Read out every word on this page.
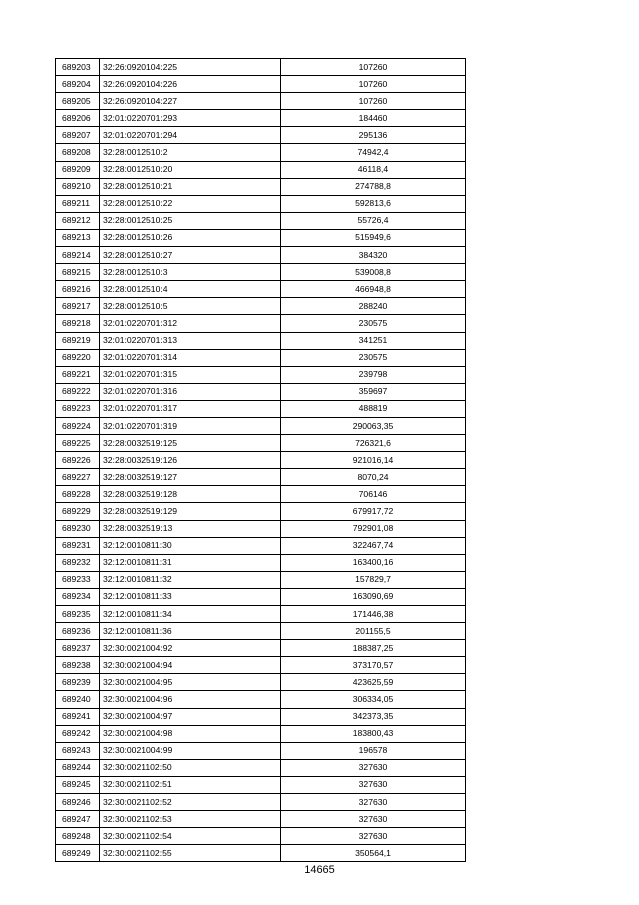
689203	32:26:0920104:225	107260
689204	32:26:0920104:226	107260
689205	32:26:0920104:227	107260
689206	32:01:0220701:293	184460
689207	32:01:0220701:294	295136
689208	32:28:0012510:2	74942,4
689209	32:28:0012510:20	46118,4
689210	32:28:0012510:21	274788,8
689211	32:28:0012510:22	592813,6
689212	32:28:0012510:25	55726,4
689213	32:28:0012510:26	515949,6
689214	32:28:0012510:27	384320
689215	32:28:0012510:3	539008,8
689216	32:28:0012510:4	466948,8
689217	32:28:0012510:5	288240
689218	32:01:0220701:312	230575
689219	32:01:0220701:313	341251
689220	32:01:0220701:314	230575
689221	32:01:0220701:315	239798
689222	32:01:0220701:316	359697
689223	32:01:0220701:317	488819
689224	32:01:0220701:319	290063,35
689225	32:28:0032519:125	726321,6
689226	32:28:0032519:126	921016,14
689227	32:28:0032519:127	8070,24
689228	32:28:0032519:128	706146
689229	32:28:0032519:129	679917,72
689230	32:28:0032519:13	792901,08
689231	32:12:0010811:30	322467,74
689232	32:12:0010811:31	163400,16
689233	32:12:0010811:32	157829,7
689234	32:12:0010811:33	163090,69
689235	32:12:0010811:34	171446,38
689236	32:12:0010811:36	201155,5
689237	32:30:0021004:92	188387,25
689238	32:30:0021004:94	373170,57
689239	32:30:0021004:95	423625,59
689240	32:30:0021004:96	306334,05
689241	32:30:0021004:97	342373,35
689242	32:30:0021004:98	183800,43
689243	32:30:0021004:99	196578
689244	32:30:0021102:50	327630
689245	32:30:0021102:51	327630
689246	32:30:0021102:52	327630
689247	32:30:0021102:53	327630
689248	32:30:0021102:54	327630
689249	32:30:0021102:55	350564,1
14665
